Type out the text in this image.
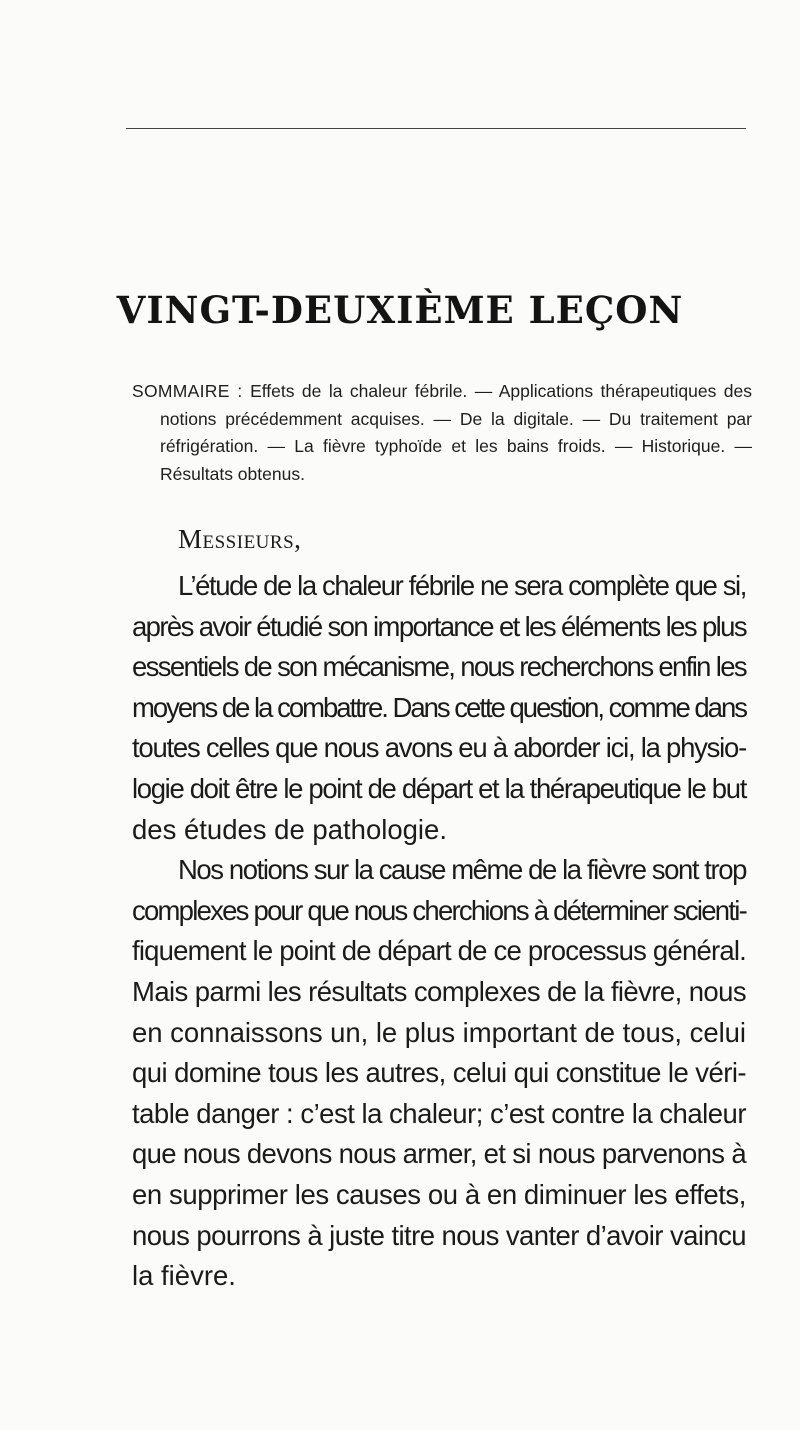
VINGT-DEUXIÈME LEÇON
SOMMAIRE : Effets de la chaleur fébrile. — Applications thérapeutiques des notions précédemment acquises. — De la digitale. — Du traitement par réfrigération. — La fièvre typhoïde et les bains froids. — Historique. — Résultats obtenus.
Messieurs,

L’étude de la chaleur fébrile ne sera complète que si,
après avoir étudié son importance et les éléments les plus
essentiels de son mécanisme, nous recherchons enfin les
moyens de la combattre. Dans cette question, comme dans
toutes celles que nous avons eu à aborder ici, la physio-
logie doit être le point de départ et la thérapeutique le but
des études de pathologie.

Nos notions sur la cause même de la fièvre sont trop
complexes pour que nous cherchions à déterminer scienti-
fiquement le point de départ de ce processus général.
Mais parmi les résultats complexes de la fièvre, nous
en connaissons un, le plus important de tous, celui
qui domine tous les autres, celui qui constitue le véri-
table danger : c’est la chaleur; c’est contre la chaleur
que nous devons nous armer, et si nous parvenons à
en supprimer les causes ou à en diminuer les effets,
nous pourrons à juste titre nous vanter d’avoir vaincu
la fièvre.
